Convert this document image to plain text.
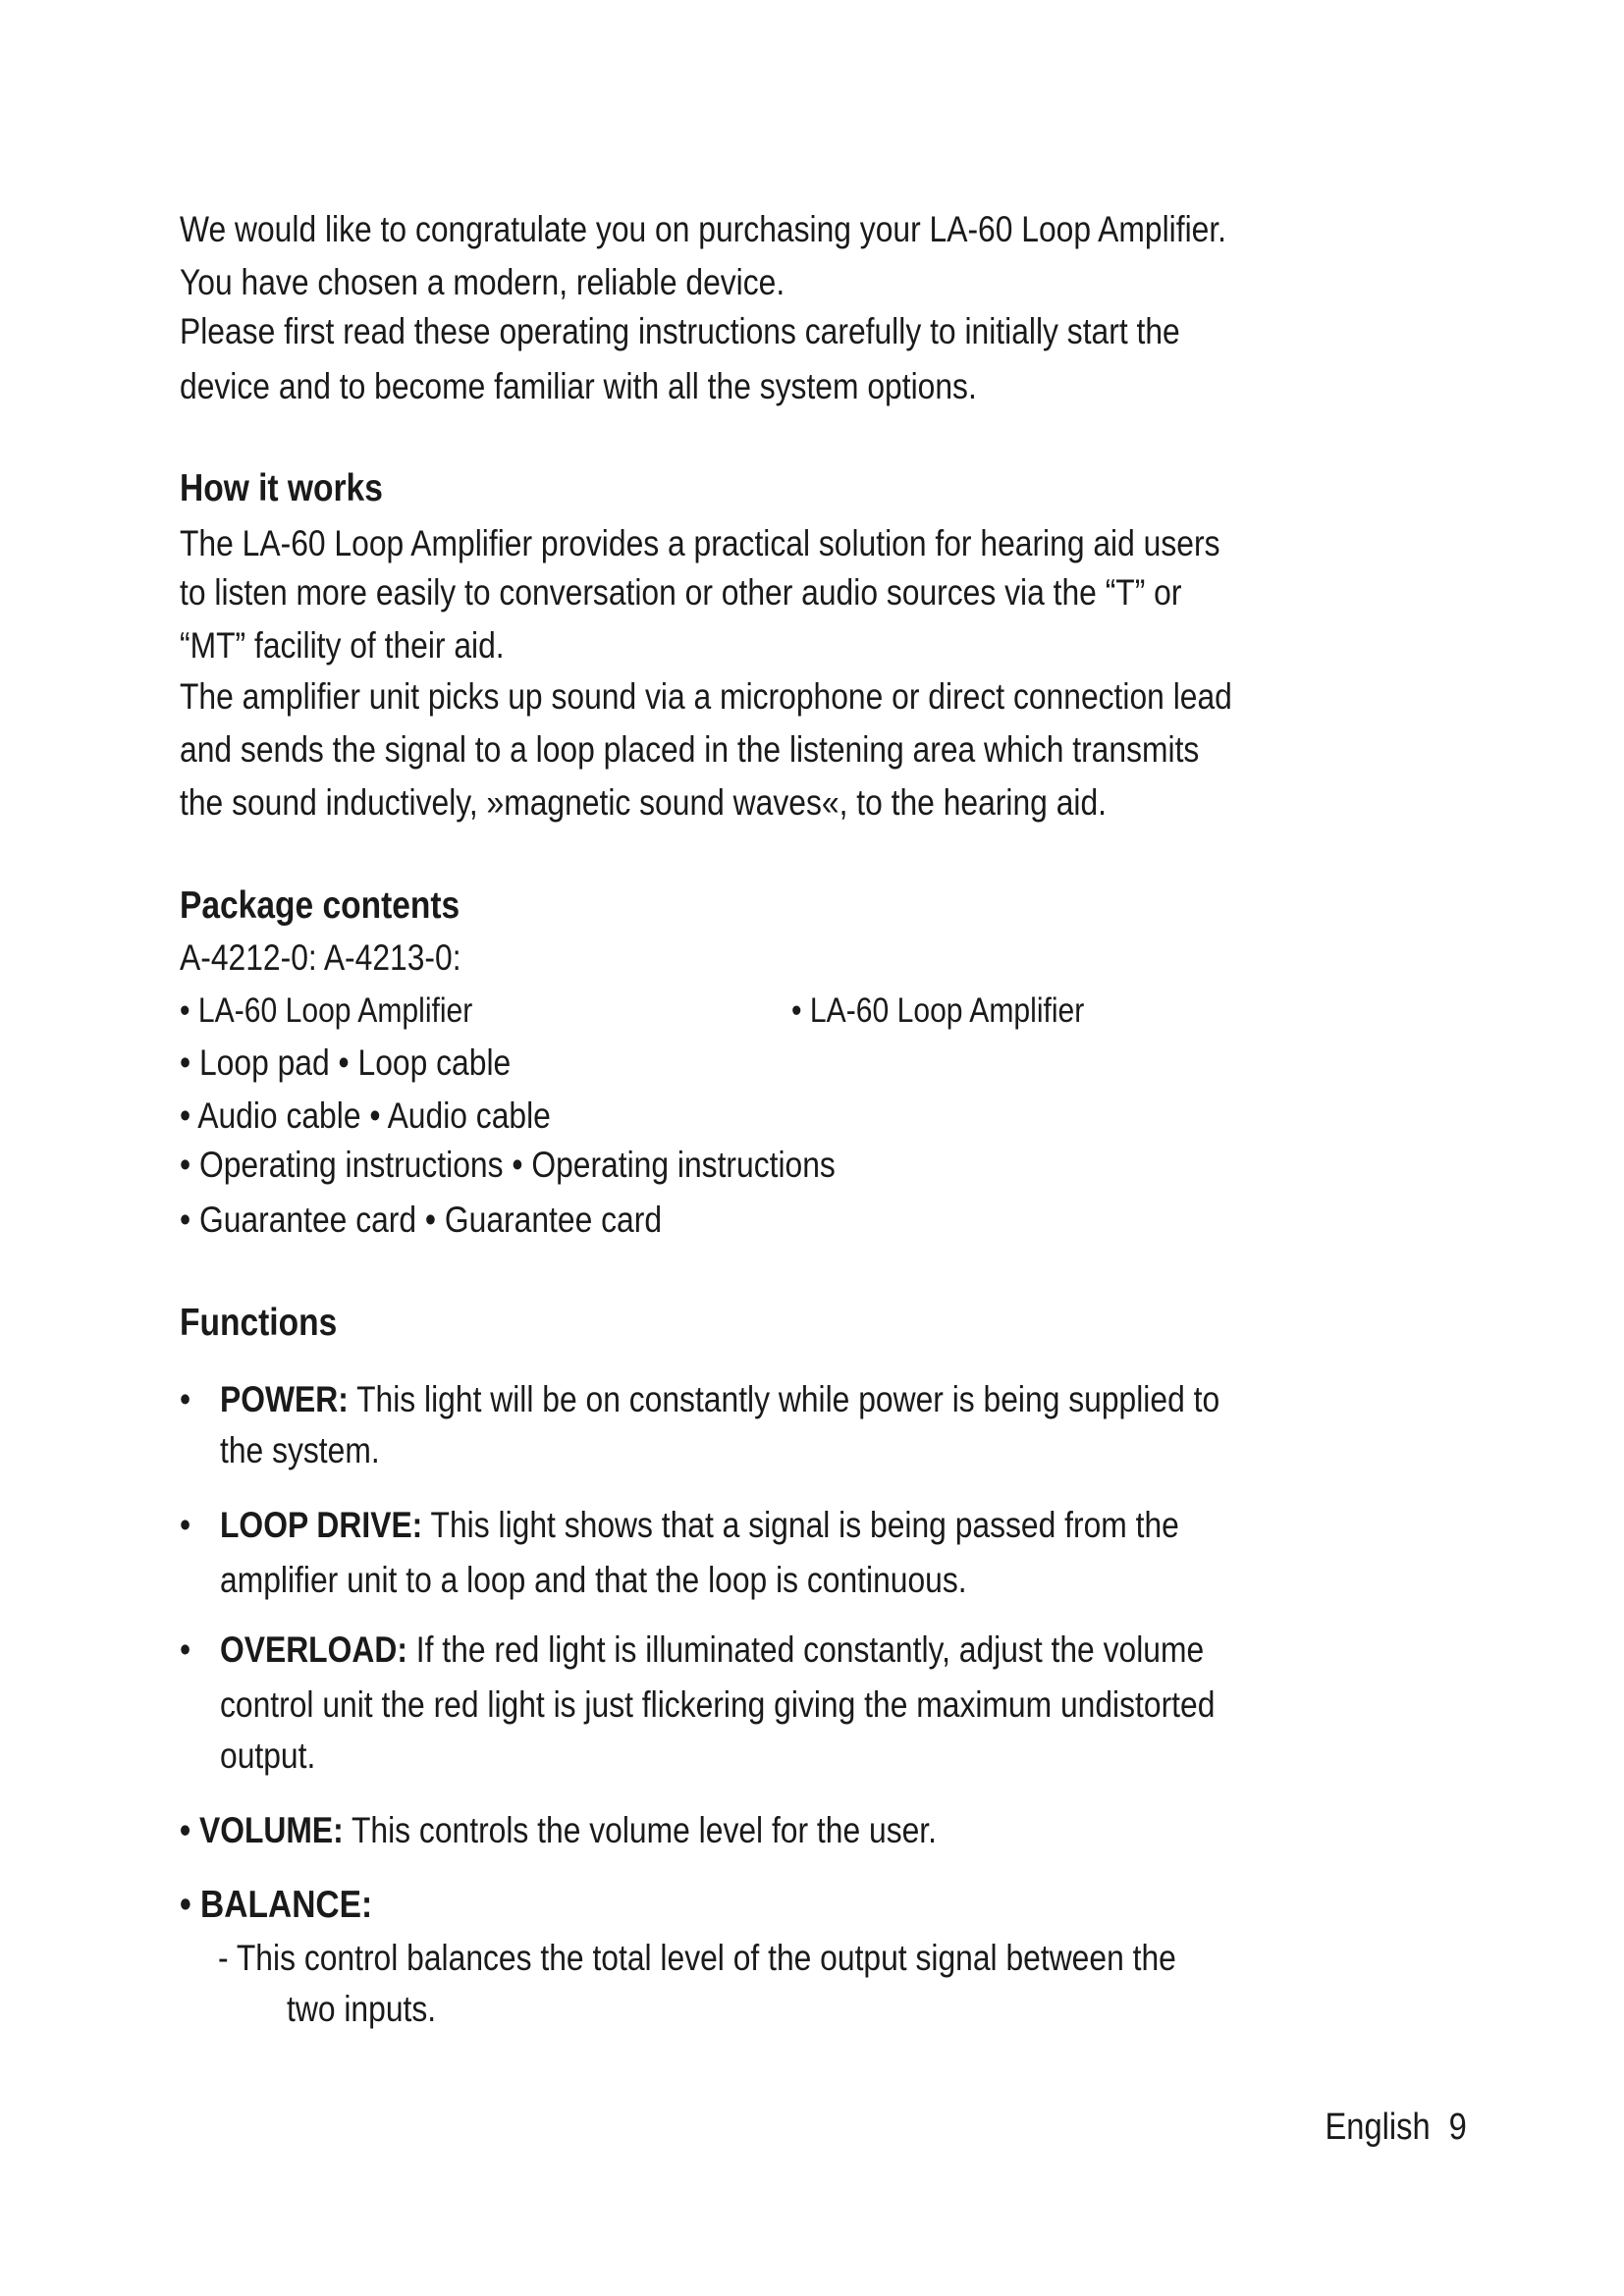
We would like to congratulate you on purchasing your LA-60 Loop Amplifier.
You have chosen a modern, reliable device.
Please first read these operating instructions carefully to initially start the
device and to become familiar with all the system options.
How it works
The LA-60 Loop Amplifier provides a practical solution for hearing aid users
to listen more easily to conversation or other audio sources via the “T” or
“MT” facility of their aid.
The amplifier unit picks up sound via a microphone or direct connection lead
and sends the signal to a loop placed in the listening area which transmits
the sound inductively, »magnetic sound waves«, to the hearing aid.
Package contents
A-4212-0: A-4213-0:
• LA-60 Loop Amplifier	• LA-60 Loop Amplifier
• Loop pad • Loop cable
• Audio cable • Audio cable
• Operating instructions • Operating instructions
• Guarantee card • Guarantee card
Functions
• POWER: This light will be on constantly while power is being supplied to
the system.
• LOOP DRIVE: This light shows that a signal is being passed from the
amplifier unit to a loop and that the loop is continuous.
• OVERLOAD: If the red light is illuminated constantly, adjust the volume
control unit the red light is just flickering giving the maximum undistorted
output.
• VOLUME: This controls the volume level for the user.
• BALANCE:
- This control balances the total level of the output signal between the
two inputs.
English 9
